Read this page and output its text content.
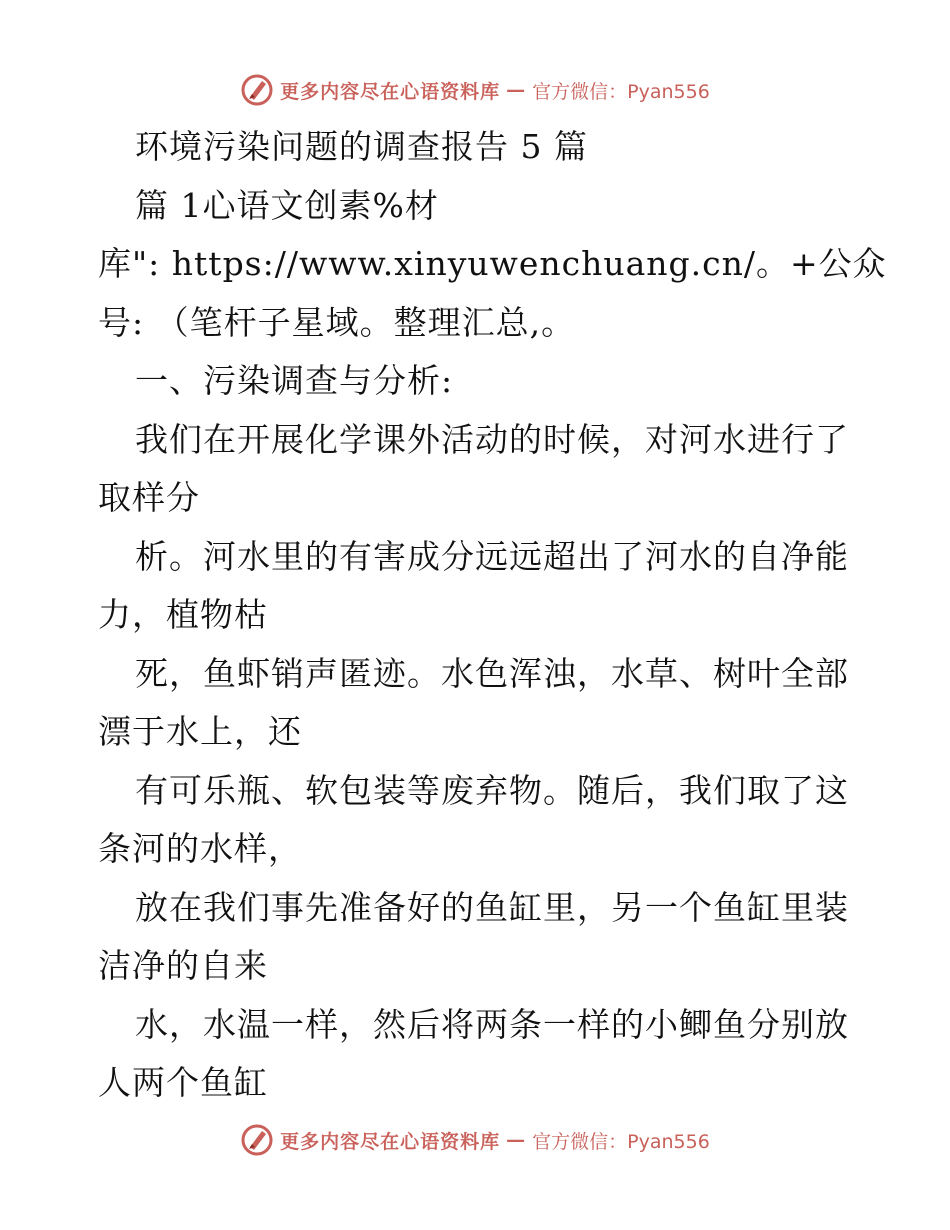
更多内容尽在心语资料库 — 官方微信：Pyan556
环境污染问题的调查报告 5 篇
篇 1心语文创素%材
库": https://www.xinyuwenchuang.cn/。+公众
号: （笔杆子星域。整理汇总,。
一、污染调查与分析:
我们在开展化学课外活动的时候，对河水进行了
取样分
析。河水里的有害成分远远超出了河水的自净能
力，植物枯
死，鱼虾销声匿迹。水色浑浊，水草、树叶全部
漂于水上，还
有可乐瓶、软包装等废弃物。随后，我们取了这
条河的水样，
放在我们事先准备好的鱼缸里，另一个鱼缸里装
洁净的自来
水，水温一样，然后将两条一样的小鲫鱼分别放
人两个鱼缸
更多内容尽在心语资料库 — 官方微信：Pyan556
